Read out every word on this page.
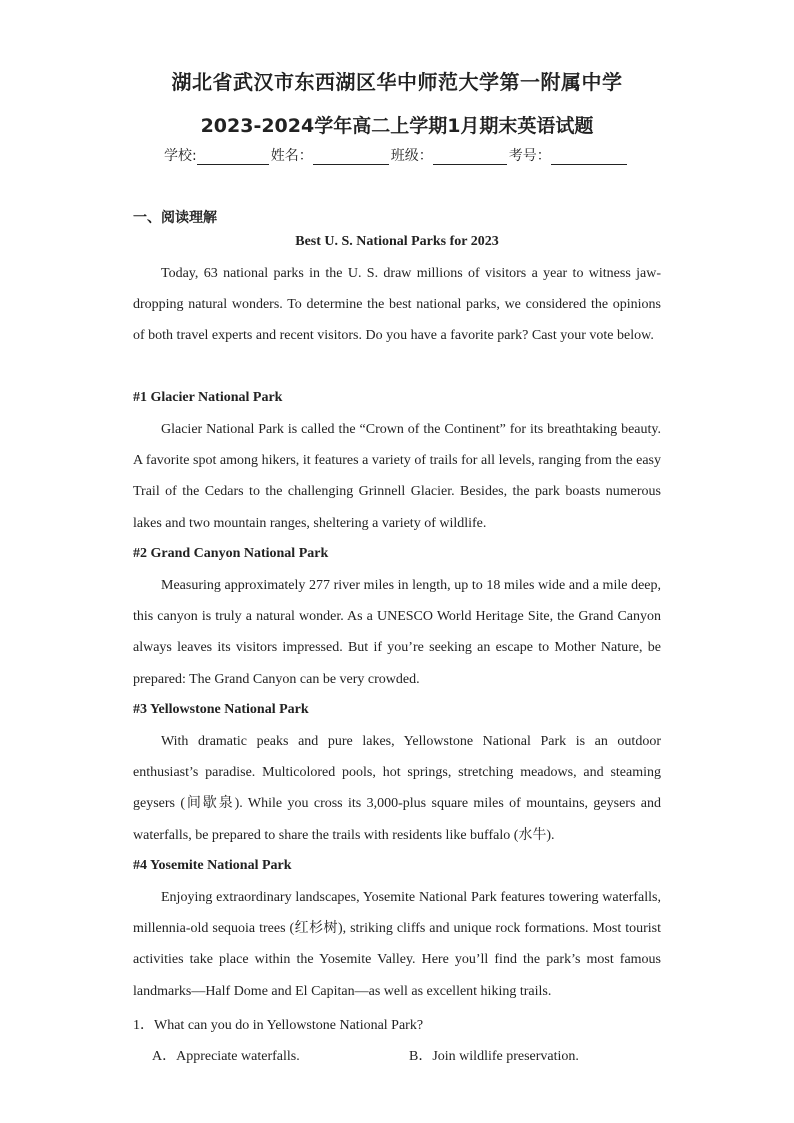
湖北省武汉市东西湖区华中师范大学第一附属中学
2023-2024学年高二上学期1月期末英语试题
学校:	姓名：	班级：	考号：
一、阅读理解
Best U. S. National Parks for 2023

Today, 63 national parks in the U. S. draw millions of visitors a year to witness jaw-dropping natural wonders. To determine the best national parks, we considered the opinions of both travel experts and recent visitors. Do you have a favorite park? Cast your vote below.

#1 Glacier National Park

Glacier National Park is called the “Crown of the Continent” for its breathtaking beauty. A favorite spot among hikers, it features a variety of trails for all levels, ranging from the easy Trail of the Cedars to the challenging Grinnell Glacier. Besides, the park boasts numerous lakes and two mountain ranges, sheltering a variety of wildlife.

#2 Grand Canyon National Park

Measuring approximately 277 river miles in length, up to 18 miles wide and a mile deep, this canyon is truly a natural wonder. As a UNESCO World Heritage Site, the Grand Canyon always leaves its visitors impressed. But if you’re seeking an escape to Mother Nature, be prepared: The Grand Canyon can be very crowded.

#3 Yellowstone National Park

With dramatic peaks and pure lakes, Yellowstone National Park is an outdoor enthusiast’s paradise. Multicolored pools, hot springs, stretching meadows, and steaming geysers (间歇泉). While you cross its 3,000-plus square miles of mountains, geysers and waterfalls, be prepared to share the trails with residents like buffalo (水牛).

#4 Yosemite National Park

Enjoying extraordinary landscapes, Yosemite National Park features towering waterfalls, millennia-old sequoia trees (红杉树), striking cliffs and unique rock formations. Most tourist activities take place within the Yosemite Valley. Here you’ll find the park’s most famous landmarks—Half Dome and El Capitan—as well as excellent hiking trails.

1．What can you do in Yellowstone National Park?
A．Appreciate waterfalls.	B．Join wildlife preservation.
